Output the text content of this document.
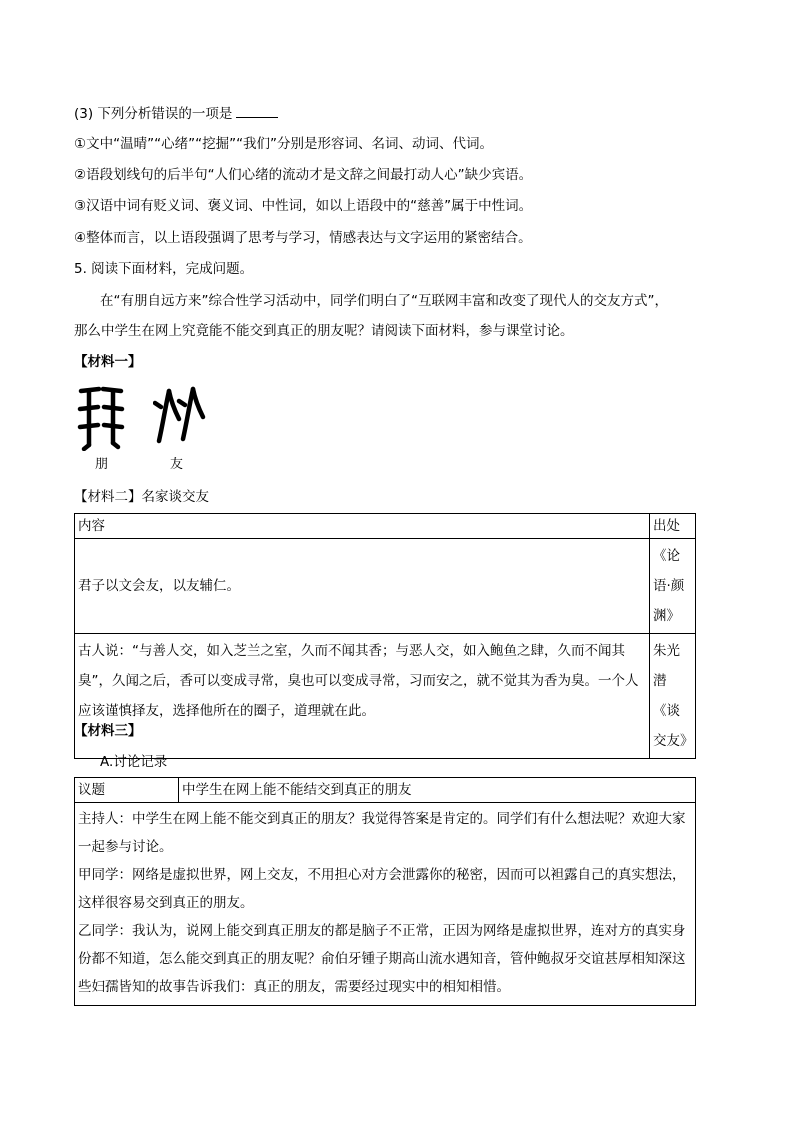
(3) 下列分析错误的一项是
①文中“温晴”“心绪”“挖掘”“我们”分别是形容词、名词、动词、代词。
②语段划线句的后半句“人们心绪的流动才是文辞之间最打动人心”缺少宾语。
③汉语中词有贬义词、褒义词、中性词，如以上语段中的“慈善”属于中性词。
④整体而言，以上语段强调了思考与学习，情感表达与文字运用的紧密结合。
5. 阅读下面材料，完成问题。
在“有朋自远方来”综合性学习活动中，同学们明白了“互联网丰富和改变了现代人的交友方式”，
那么中学生在网上究竟能不能交到真正的朋友呢？请阅读下面材料，参与课堂讨论。
【材料一】
朋	友
【材料二】名家谈交友
内容	出处
君子以文会友，以友辅仁。	《论语·颜渊》
古人说：“与善人交，如入芝兰之室，久而不闻其香；与恶人交，如入鲍鱼之肆，久而不闻其臭”，久闻之后，香可以变成寻常，臭也可以变成寻常，习而安之，就不觉其为香为臭。一个人应该谨慎择友，选择他所在的圈子，道理就在此。	朱光潜《谈交友》
【材料三】
A.讨论记录
议题	中学生在网上能不能结交到真正的朋友

主持人：中学生在网上能不能交到真正的朋友？我觉得答案是肯定的。同学们有什么想法呢？欢迎大家一起参与讨论。
甲同学：网络是虚拟世界，网上交友，不用担心对方会泄露你的秘密，因而可以袒露自己的真实想法，这样很容易交到真正的朋友。
乙同学：我认为，说网上能交到真正朋友的都是脑子不正常，正因为网络是虚拟世界，连对方的真实身份都不知道，怎么能交到真正的朋友呢？俞伯牙锺子期高山流水遇知音，管仲鲍叔牙交谊甚厚相知深这些妇孺皆知的故事告诉我们：真正的朋友，需要经过现实中的相知相惜。
